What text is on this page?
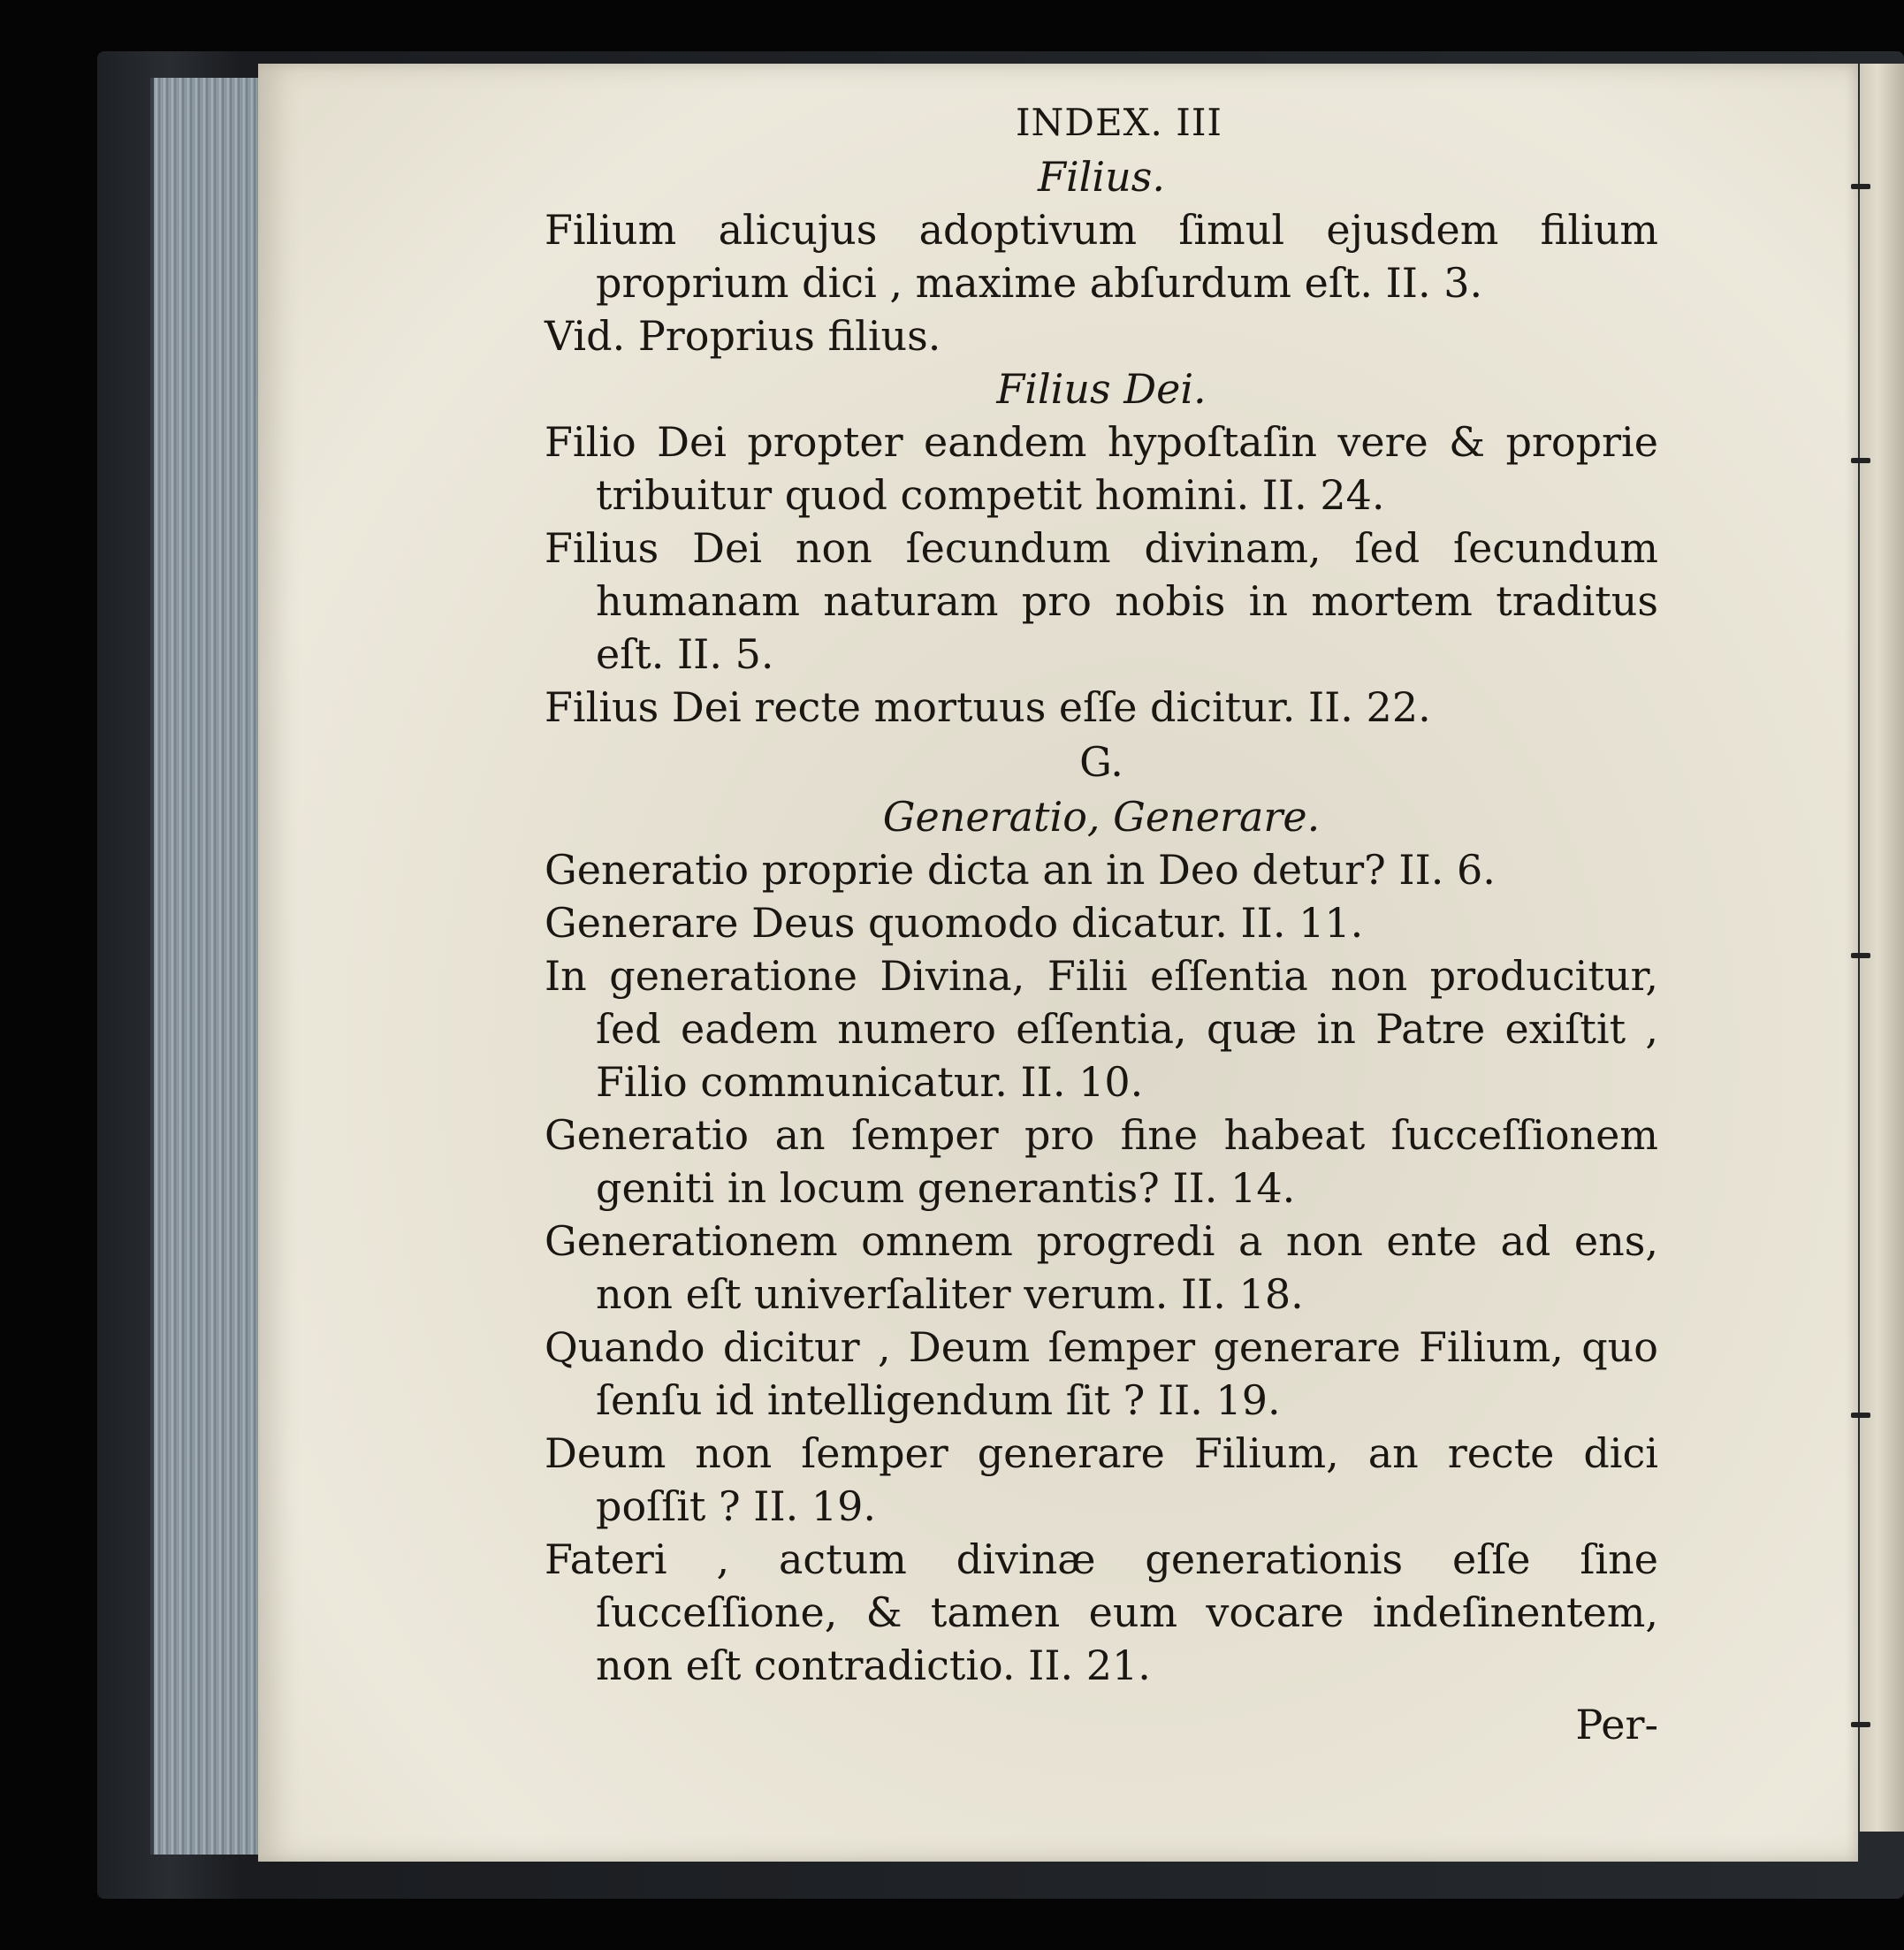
INDEX. III
Filius.
Filium alicujus adoptivum ſimul ejusdem filium proprium dici , maxime abſurdum eſt. II. 3.
Vid. Proprius filius.
Filius Dei.
Filio Dei propter eandem hypoſtaſin vere & proprie tribuitur quod competit homini. II. 24.
Filius Dei non ſecundum divinam, ſed ſecundum humanam naturam pro nobis in mortem traditus eſt. II. 5.
Filius Dei recte mortuus eſſe dicitur. II. 22.
G.
Generatio, Generare.
Generatio proprie dicta an in Deo detur? II. 6.
Generare Deus quomodo dicatur. II. 11.
In generatione Divina, Filii eſſentia non producitur, ſed eadem numero eſſentia, quæ in Patre exiſtit , Filio communicatur. II. 10.
Generatio an ſemper pro fine habeat ſucceſſionem geniti in locum generantis? II. 14.
Generationem omnem progredi a non ente ad ens, non eſt univerſaliter verum. II. 18.
Quando dicitur , Deum ſemper generare Filium, quo ſenſu id intelligendum ſit ? II. 19.
Deum non ſemper generare Filium, an recte dici poſſit ? II. 19.
Fateri , actum divinæ generationis eſſe ſine ſucceſſione, & tamen eum vocare indeſinentem, non eſt contradictio. II. 21.
Per-
